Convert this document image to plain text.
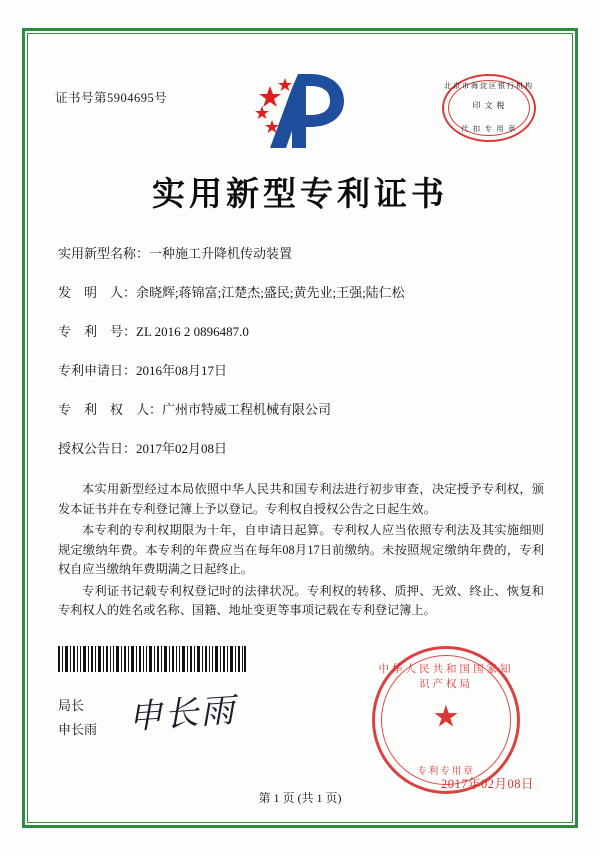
证书号第5904695号
北京市海淀区银行机构
印 文 税
代 扣 专 用 章
实用新型专利证书
实用新型名称：一种施工升降机传动装置
发　明　人：余晓辉;蒋锦富;江楚杰;盛民;黄先业;王强;陆仁松
专　利　号：ZL 2016 2 0896487.0
专利申请日：2016年08月17日
专　利　权　人：广州市特威工程机械有限公司
授权公告日：2017年02月08日

本实用新型经过本局依照中华人民共和国专利法进行初步审查，决定授予专利权，颁发本证书并在专利登记簿上予以登记。专利权自授权公告之日起生效。

本专利的专利权期限为十年，自申请日起算。专利权人应当依照专利法及其实施细则规定缴纳年费。本专利的年费应当在每年08月17日前缴纳。未按照规定缴纳年费的，专利权自应当缴纳年费期满之日起终止。

专利证书记载专利权登记时的法律状况。专利权的转移、质押、无效、终止、恢复和专利权人的姓名或名称、国籍、地址变更等事项记载在专利登记簿上。

局长
申长雨 申长雨
中华人民共和国国家知识产权局
★
专利专用章
2017年02月08日
第 1 页 (共 1 页)
